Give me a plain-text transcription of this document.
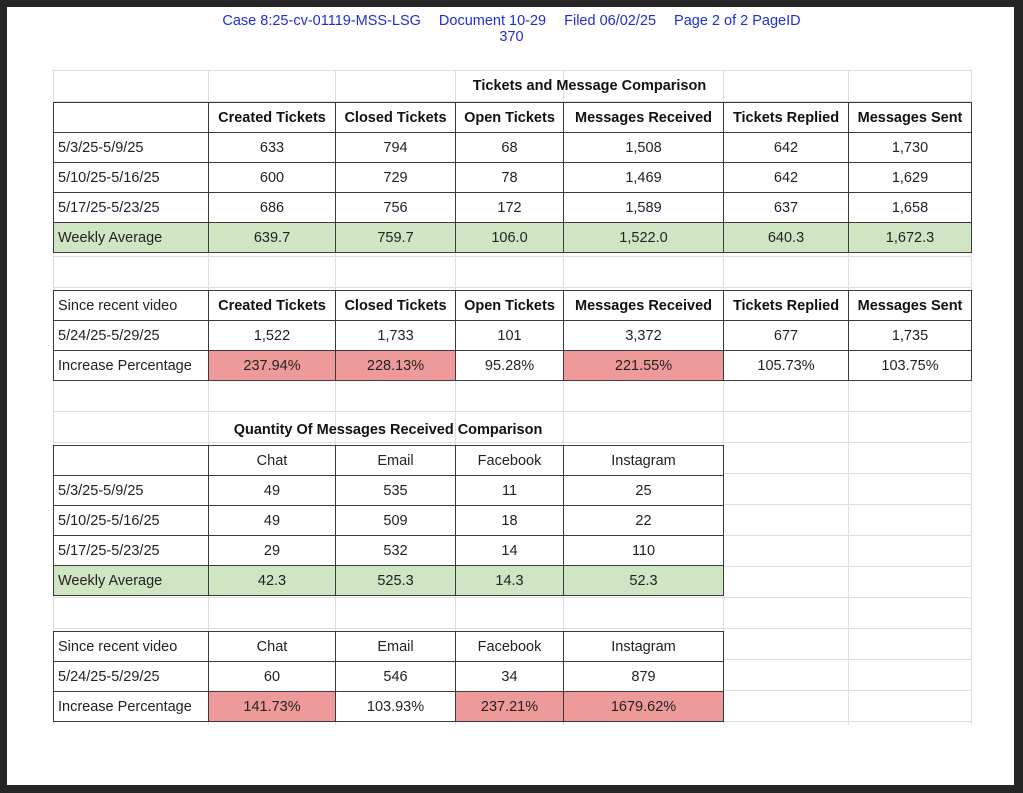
Case 8:25-cv-01119-MSS-LSG Document 10-29 Filed 06/02/25 Page 2 of 2 PageID
370
Tickets and Message Comparison
	Created Tickets	Closed Tickets	Open Tickets	Messages Received	Tickets Replied	Messages Sent
5/3/25-5/9/25	633	794	68	1,508	642	1,730
5/10/25-5/16/25	600	729	78	1,469	642	1,629
5/17/25-5/23/25	686	756	172	1,589	637	1,658
Weekly Average	639.7	759.7	106.0	1,522.0	640.3	1,672.3
Since recent video	Created Tickets	Closed Tickets	Open Tickets	Messages Received	Tickets Replied	Messages Sent
5/24/25-5/29/25	1,522	1,733	101	3,372	677	1,735
Increase Percentage	237.94%	228.13%	95.28%	221.55%	105.73%	103.75%
Quantity Of Messages Received Comparison
	Chat	Email	Facebook	Instagram
5/3/25-5/9/25	49	535	11	25
5/10/25-5/16/25	49	509	18	22
5/17/25-5/23/25	29	532	14	110
Weekly Average	42.3	525.3	14.3	52.3
Since recent video	Chat	Email	Facebook	Instagram
5/24/25-5/29/25	60	546	34	879
Increase Percentage	141.73%	103.93%	237.21%	1679.62%
